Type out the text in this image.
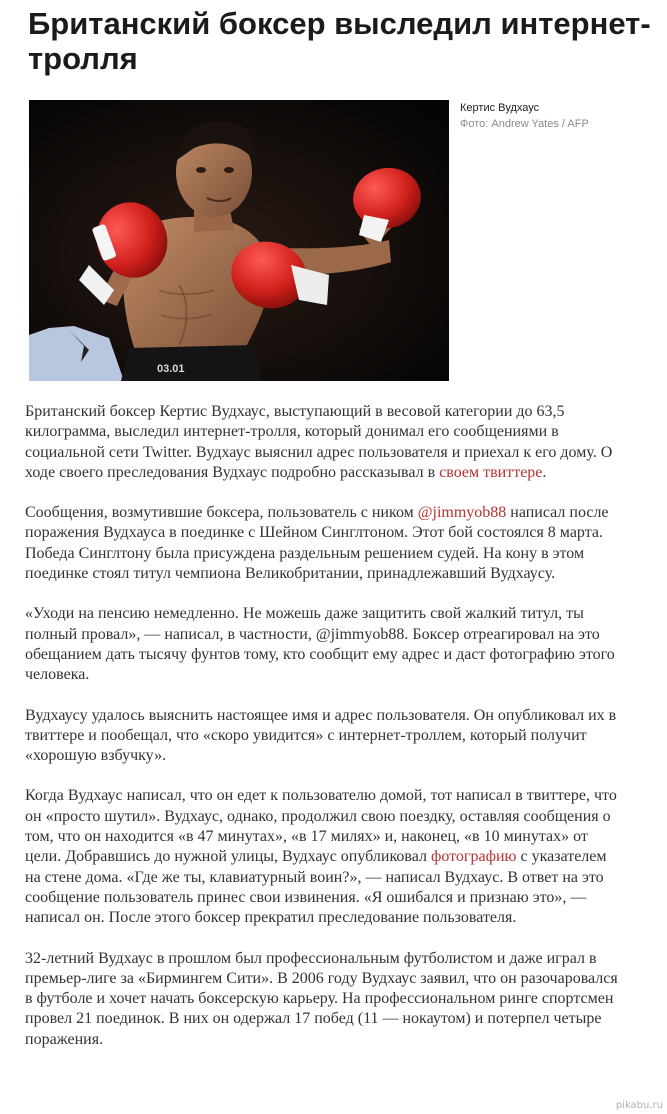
Британский боксер выследил интернет-тролля
03.01
Кертис Вудхаус
Фото: Andrew Yates / AFP

Британский боксер Кертис Вудхаус, выступающий в весовой категории до 63,5 килограмма, выследил интернет-тролля, который донимал его сообщениями в социальной сети Twitter. Вудхаус выяснил адрес пользователя и приехал к его дому. О ходе своего преследования Вудхаус подробно рассказывал в своем твиттере.

Сообщения, возмутившие боксера, пользователь с ником @jimmyob88 написал после поражения Вудхауса в поединке с Шейном Синглтоном. Этот бой состоялся 8 марта. Победа Синглтону была присуждена раздельным решением судей. На кону в этом поединке стоял титул чемпиона Великобритании, принадлежавший Вудхаусу.

«Уходи на пенсию немедленно. Не можешь даже защитить свой жалкий титул, ты полный провал», — написал, в частности, @jimmyob88. Боксер отреагировал на это обещанием дать тысячу фунтов тому, кто сообщит ему адрес и даст фотографию этого человека.

Вудхаусу удалось выяснить настоящее имя и адрес пользователя. Он опубликовал их в твиттере и пообещал, что «скоро увидится» с интернет-троллем, который получит «хорошую взбучку».

Когда Вудхаус написал, что он едет к пользователю домой, тот написал в твиттере, что он «просто шутил». Вудхаус, однако, продолжил свою поездку, оставляя сообщения о том, что он находится «в 47 минутах», «в 17 милях» и, наконец, «в 10 минутах» от цели. Добравшись до нужной улицы, Вудхаус опубликовал фотографию с указателем на стене дома. «Где же ты, клавиатурный воин?», — написал Вудхаус. В ответ на это сообщение пользователь принес свои извинения. «Я ошибался и признаю это», — написал он. После этого боксер прекратил преследование пользователя.

32-летний Вудхаус в прошлом был профессиональным футболистом и даже играл в премьер-лиге за «Бирмингем Сити». В 2006 году Вудхаус заявил, что он разочаровался в футболе и хочет начать боксерскую карьеру. На профессиональном ринге спортсмен провел 21 поединок. В них он одержал 17 побед (11 — нокаутом) и потерпел четыре поражения.

pikabu.ru
